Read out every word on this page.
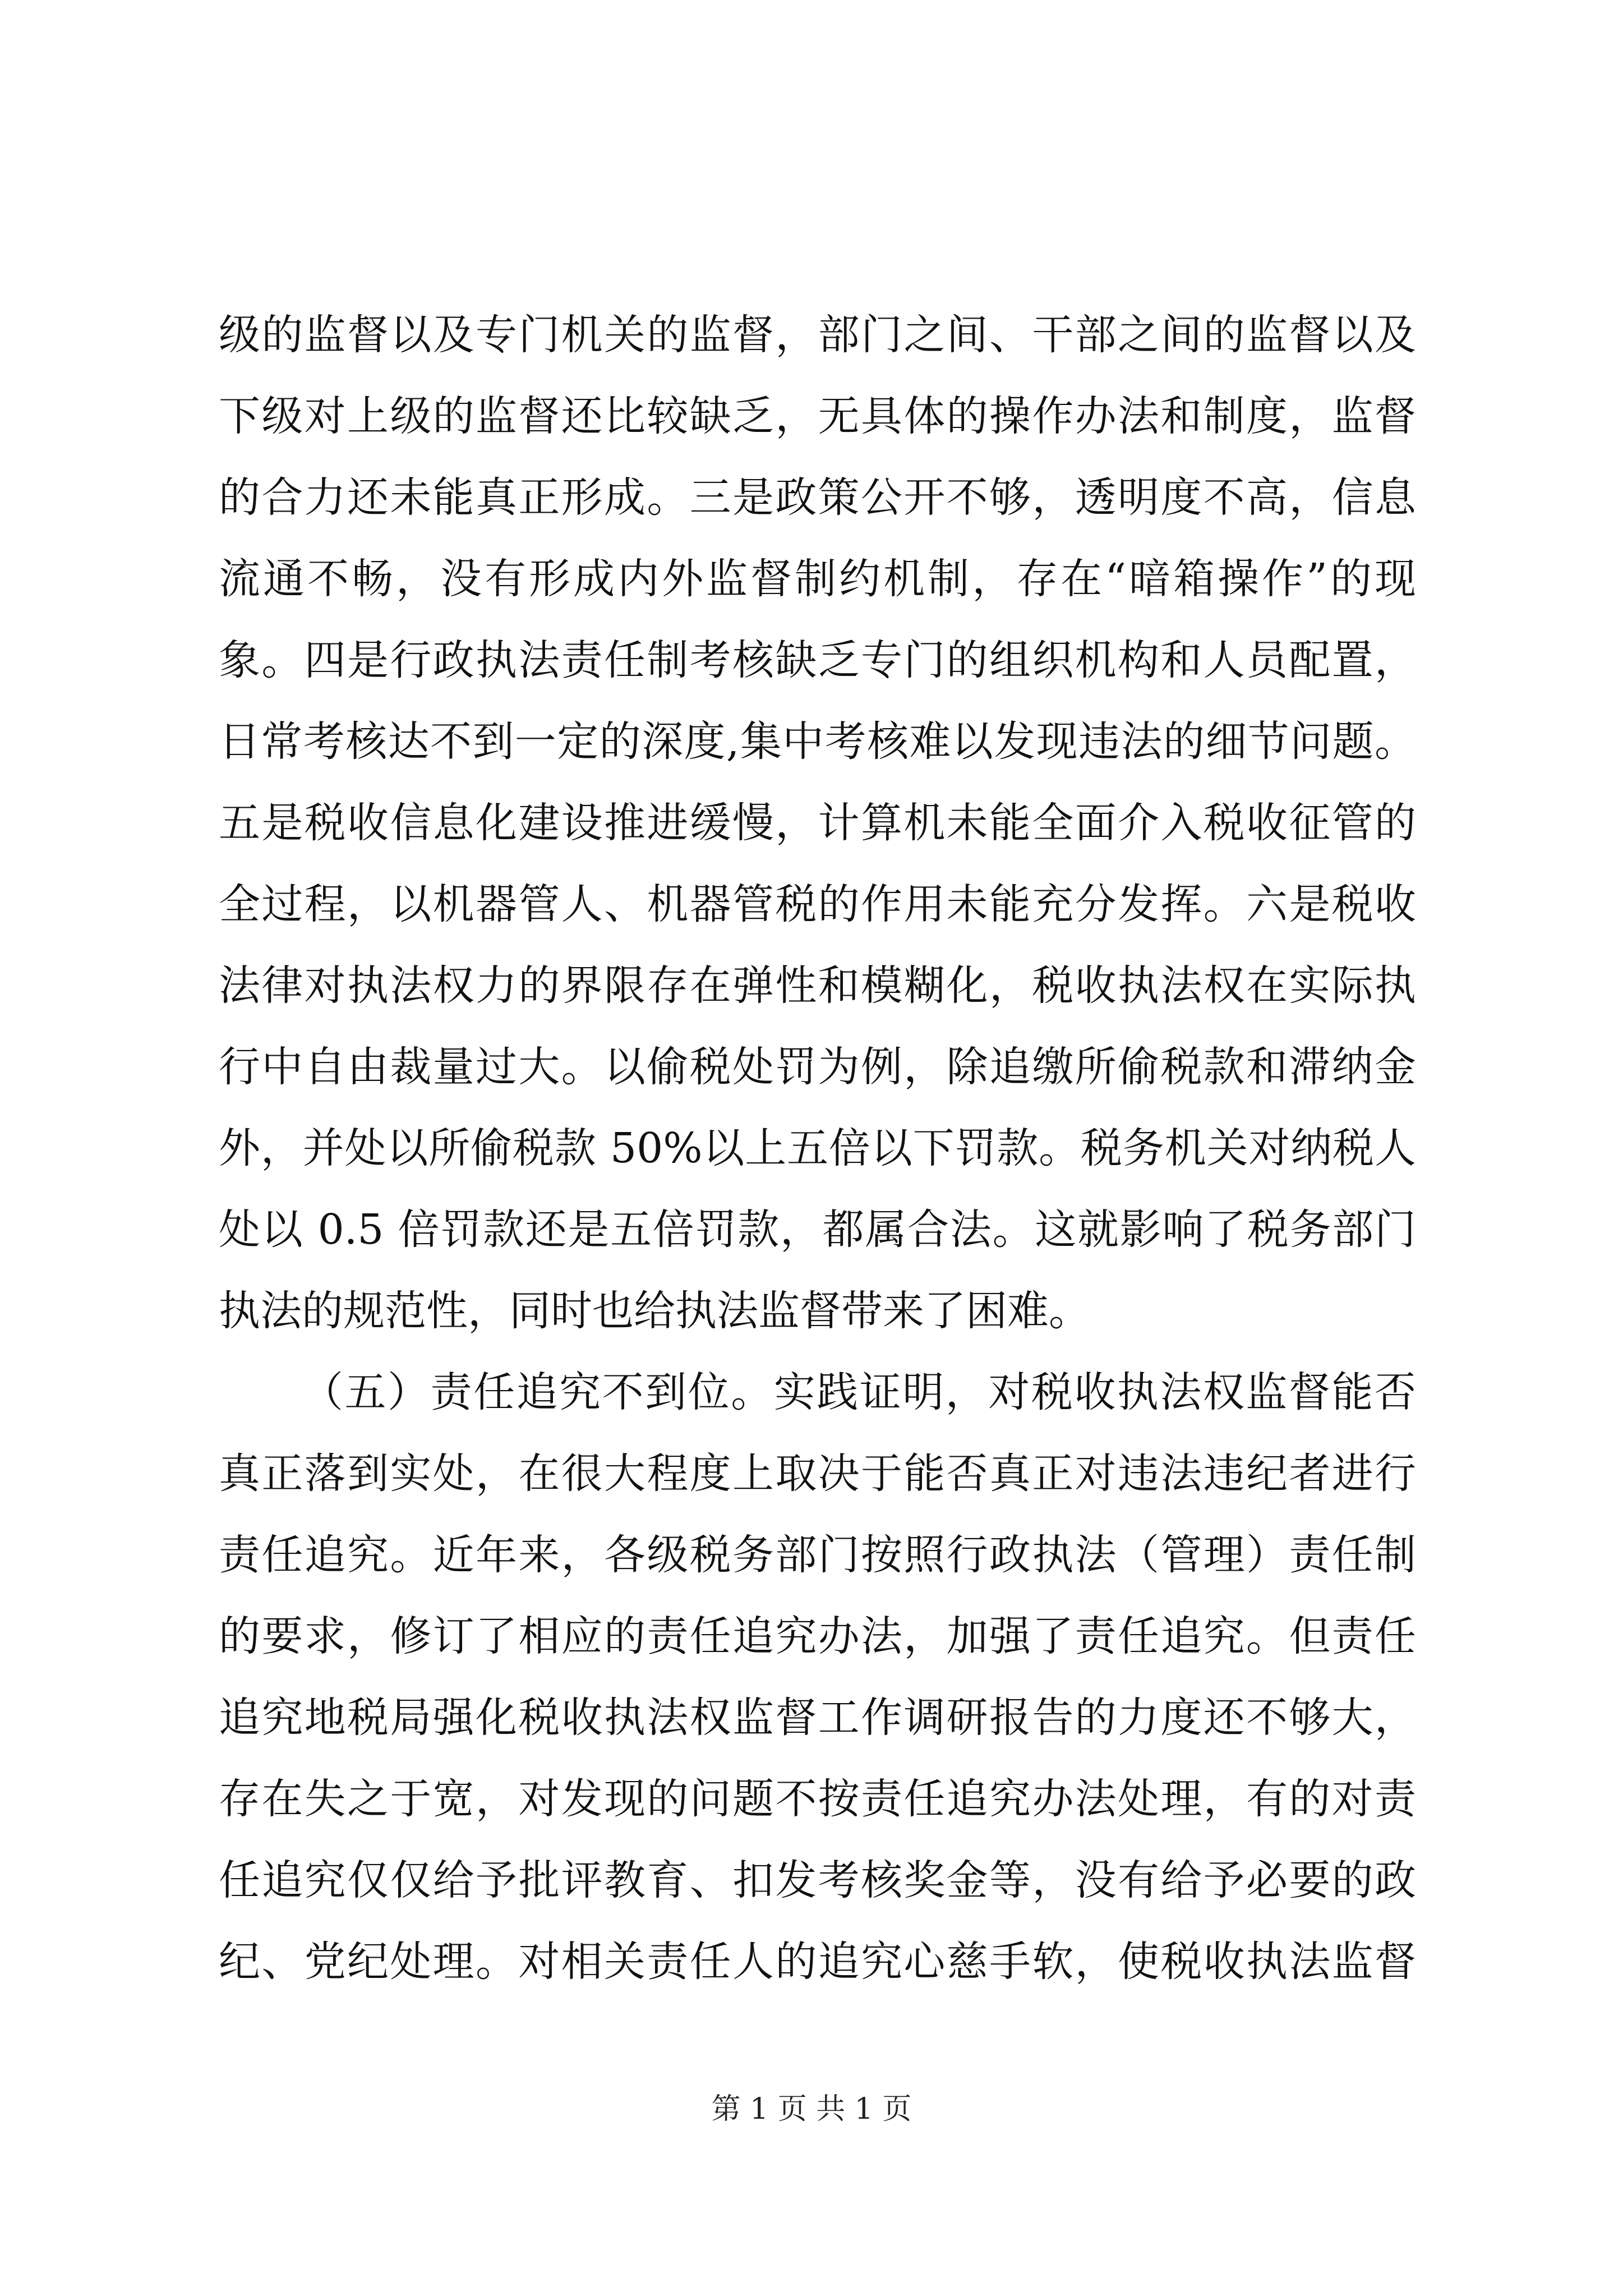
级的监督以及专门机关的监督，部门之间、干部之间的监督以及
下级对上级的监督还比较缺乏，无具体的操作办法和制度，监督
的合力还未能真正形成。三是政策公开不够，透明度不高，信息
流通不畅，没有形成内外监督制约机制，存在“暗箱操作”的现
象。四是行政执法责任制考核缺乏专门的组织机构和人员配置，
日常考核达不到一定的深度,集中考核难以发现违法的细节问题。
五是税收信息化建设推进缓慢，计算机未能全面介入税收征管的
全过程，以机器管人、机器管税的作用未能充分发挥。六是税收
法律对执法权力的界限存在弹性和模糊化，税收执法权在实际执
行中自由裁量过大。以偷税处罚为例，除追缴所偷税款和滞纳金
外，并处以所偷税款 50%以上五倍以下罚款。税务机关对纳税人
处以 0.5 倍罚款还是五倍罚款，都属合法。这就影响了税务部门
执法的规范性，同时也给执法监督带来了困难。
（五）责任追究不到位。实践证明，对税收执法权监督能否
真正落到实处，在很大程度上取决于能否真正对违法违纪者进行
责任追究。近年来，各级税务部门按照行政执法（管理）责任制
的要求，修订了相应的责任追究办法，加强了责任追究。但责任
追究地税局强化税收执法权监督工作调研报告的力度还不够大，
存在失之于宽，对发现的问题不按责任追究办法处理，有的对责
任追究仅仅给予批评教育、扣发考核奖金等，没有给予必要的政
纪、党纪处理。对相关责任人的追究心慈手软，使税收执法监督
第 1 页 共 1 页
